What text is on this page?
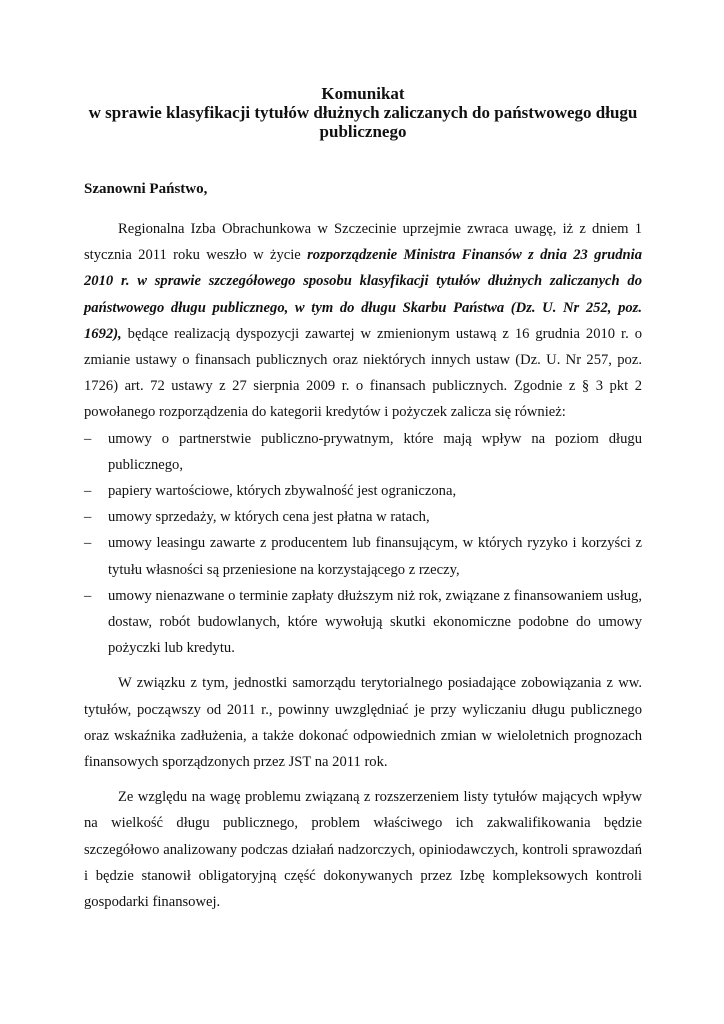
Komunikat
w sprawie klasyfikacji tytułów dłużnych zaliczanych do państwowego długu
publicznego

Szanowni Państwo,

Regionalna Izba Obrachunkowa w Szczecinie uprzejmie zwraca uwagę, iż z dniem 1 stycznia 2011 roku weszło w życie rozporządzenie Ministra Finansów z dnia 23 grudnia 2010 r. w sprawie szczegółowego sposobu klasyfikacji tytułów dłużnych zaliczanych do państwowego długu publicznego, w tym do długu Skarbu Państwa (Dz. U. Nr 252, poz. 1692), będące realizacją dyspozycji zawartej w zmienionym ustawą z 16 grudnia 2010 r. o zmianie ustawy o finansach publicznych oraz niektórych innych ustaw (Dz. U. Nr 257, poz. 1726) art. 72 ustawy z 27 sierpnia 2009 r. o finansach publicznych. Zgodnie z § 3 pkt 2 powołanego rozporządzenia do kategorii kredytów i pożyczek zalicza się również:

– umowy o partnerstwie publiczno-prywatnym, które mają wpływ na poziom długu publicznego,
– papiery wartościowe, których zbywalność jest ograniczona,
– umowy sprzedaży, w których cena jest płatna w ratach,
– umowy leasingu zawarte z producentem lub finansującym, w których ryzyko i korzyści z tytułu własności są przeniesione na korzystającego z rzeczy,
– umowy nienazwane o terminie zapłaty dłuższym niż rok, związane z finansowaniem usług, dostaw, robót budowlanych, które wywołują skutki ekonomiczne podobne do umowy pożyczki lub kredytu.

W związku z tym, jednostki samorządu terytorialnego posiadające zobowiązania z ww. tytułów, począwszy od 2011 r., powinny uwzględniać je przy wyliczaniu długu publicznego oraz wskaźnika zadłużenia, a także dokonać odpowiednich zmian w wieloletnich prognozach finansowych sporządzonych przez JST na 2011 rok.

Ze względu na wagę problemu związaną z rozszerzeniem listy tytułów mających wpływ na wielkość długu publicznego, problem właściwego ich zakwalifikowania będzie szczegółowo analizowany podczas działań nadzorczych, opiniodawczych, kontroli sprawozdań i będzie stanowił obligatoryjną część dokonywanych przez Izbę kompleksowych kontroli gospodarki finansowej.
